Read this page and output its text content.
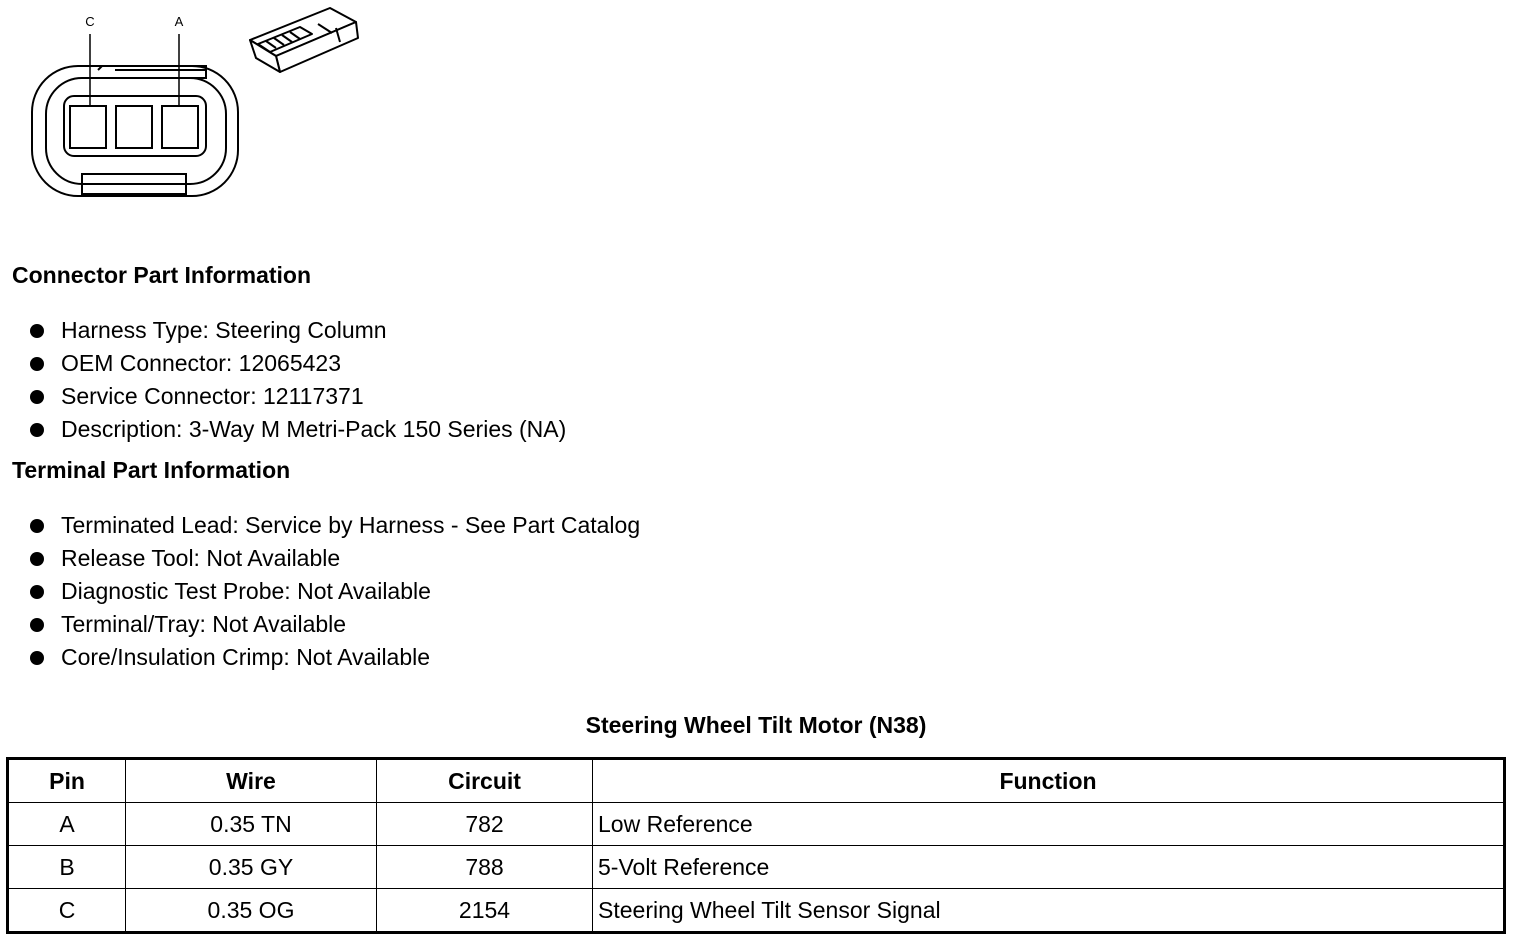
C	A
Connector Part Information
Harness Type: Steering Column
OEM Connector: 12065423
Service Connector: 12117371
Description: 3-Way M Metri-Pack 150 Series (NA)
Terminal Part Information
Terminated Lead: Service by Harness - See Part Catalog
Release Tool: Not Available
Diagnostic Test Probe: Not Available
Terminal/Tray: Not Available
Core/Insulation Crimp: Not Available
Steering Wheel Tilt Motor (N38)
Pin	Wire	Circuit	Function
A	0.35 TN	782	Low Reference
B	0.35 GY	788	5-Volt Reference
C	0.35 OG	2154	Steering Wheel Tilt Sensor Signal
